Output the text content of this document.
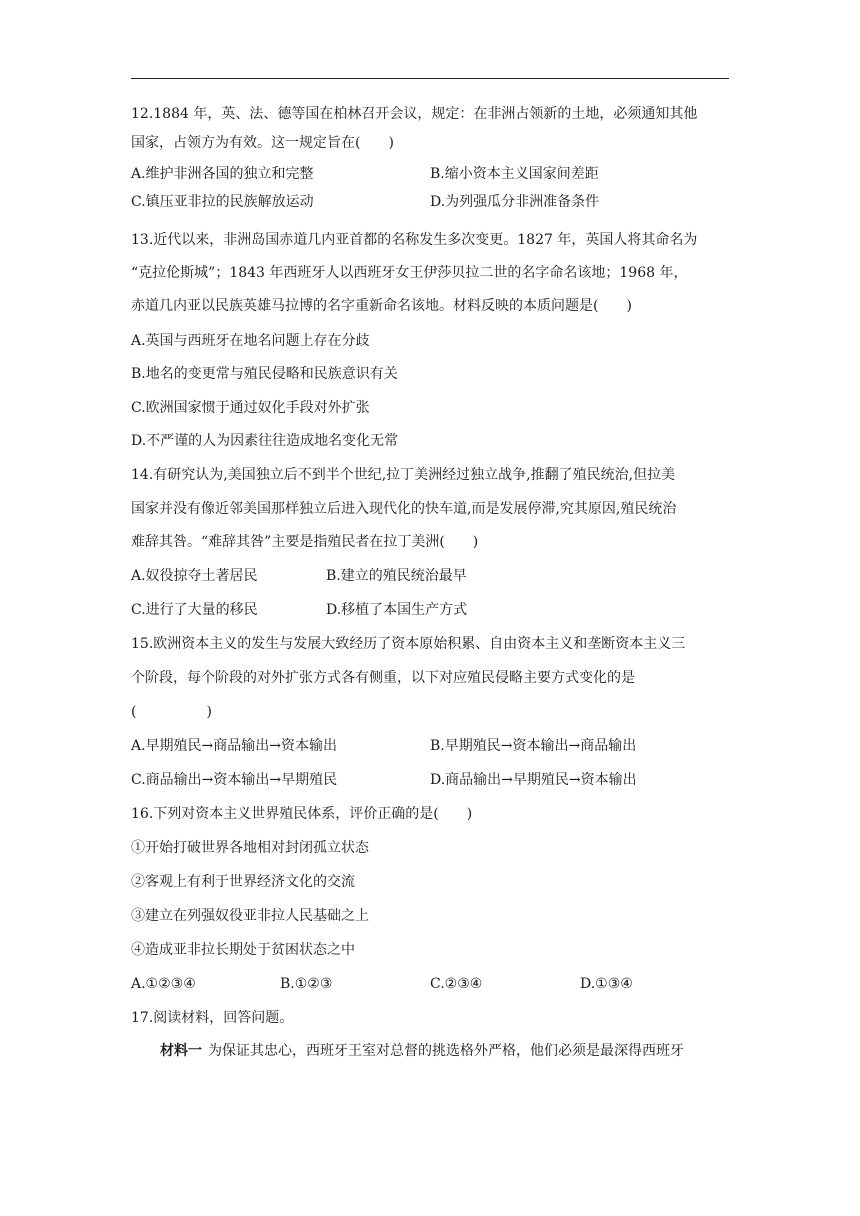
12.1884 年，英、法、德等国在柏林召开会议，规定：在非洲占领新的土地，必须通知其他
国家，占领方为有效。这一规定旨在(　　)
A.维护非洲各国的独立和完整	B.缩小资本主义国家间差距
C.镇压亚非拉的民族解放运动	D.为列强瓜分非洲准备条件
13.近代以来，非洲岛国赤道几内亚首都的名称发生多次变更。1827 年，英国人将其命名为
“克拉伦斯城”；1843 年西班牙人以西班牙女王伊莎贝拉二世的名字命名该地；1968 年，
赤道几内亚以民族英雄马拉博的名字重新命名该地。材料反映的本质问题是(　　)
A.英国与西班牙在地名问题上存在分歧
B.地名的变更常与殖民侵略和民族意识有关
C.欧洲国家惯于通过奴化手段对外扩张
D.不严谨的人为因素往往造成地名变化无常
14.有研究认为,美国独立后不到半个世纪,拉丁美洲经过独立战争,推翻了殖民统治,但拉美
国家并没有像近邻美国那样独立后进入现代化的快车道,而是发展停滞,究其原因,殖民统治
难辞其咎。“难辞其咎”主要是指殖民者在拉丁美洲(　　)
A.奴役掠夺土著居民	B.建立的殖民统治最早
C.进行了大量的移民	D.移植了本国生产方式
15.欧洲资本主义的发生与发展大致经历了资本原始积累、自由资本主义和垄断资本主义三
个阶段，每个阶段的对外扩张方式各有侧重，以下对应殖民侵略主要方式变化的是
(　　　　　)
A.早期殖民→商品输出→资本输出	B.早期殖民→资本输出→商品输出
C.商品输出→资本输出→早期殖民	D.商品输出→早期殖民→资本输出
16.下列对资本主义世界殖民体系，评价正确的是(　　)
①开始打破世界各地相对封闭孤立状态
②客观上有利于世界经济文化的交流
③建立在列强奴役亚非拉人民基础之上
④造成亚非拉长期处于贫困状态之中
A.①②③④	B.①②③	C.②③④	D.①③④
17.阅读材料，回答问题。
材料一 为保证其忠心，西班牙王室对总督的挑选格外严格，他们必须是最深得西班牙
